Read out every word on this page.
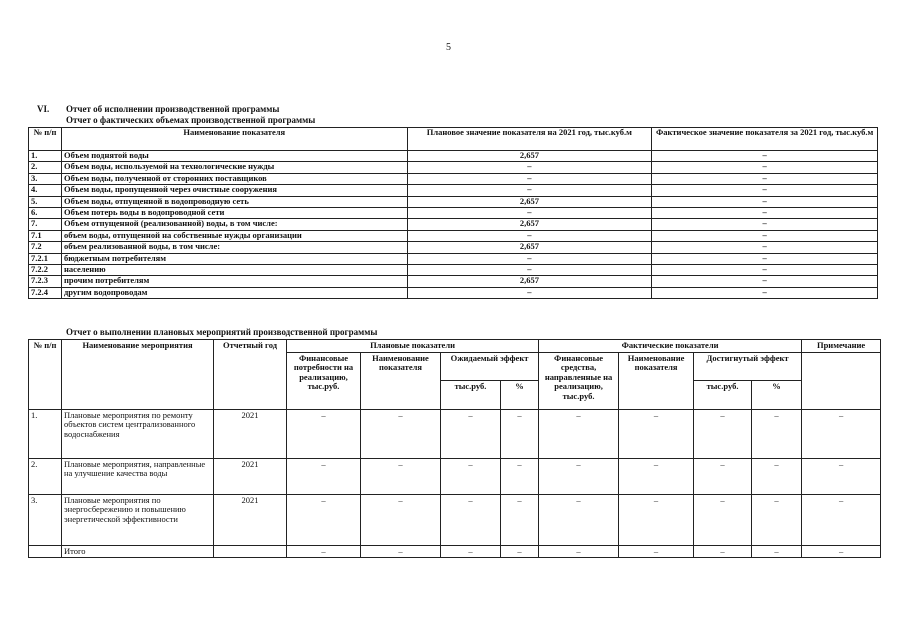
5
VI. Отчет об исполнении производственной программы
Отчет о фактических объемах производственной программы
№ п/п	Наименование показателя	Плановое значение показателя на 2021 год, тыс.куб.м	Фактическое значение показателя за 2021 год, тыс.куб.м
1.	Объем поднятой воды	2,657	–
2.	Объем воды, используемой на технологические нужды	–	–
3.	Объем воды, полученной от сторонних поставщиков	–	–
4.	Объем воды, пропущенной через очистные сооружения	–	–
5.	Объем воды, отпущенной в водопроводную сеть	2,657	–
6.	Объем потерь воды в водопроводной сети	–	–
7.	Объем отпущенной (реализованной) воды, в том числе:	2,657	–
7.1	объем воды, отпущенной на собственные нужды организации	–	–
7.2	объем реализованной воды, в том числе:	2,657	–
7.2.1	бюджетным потребителям	–	–
7.2.2	населению	–	–
7.2.3	прочим потребителям	2,657	–
7.2.4	другим водопроводам	–	–
Отчет о выполнении плановых мероприятий производственной программы
№ п/п	Наименование мероприятия	Отчетный год	Плановые показатели				Фактические показатели				Примечание
			Финансовые потребности на реализацию, тыс.руб.	Наименование показателя	Ожидаемый эффект		Финансовые средства, направленные на реализацию, тыс.руб.	Наименование показателя	Достигнутый эффект		
					тыс.руб.	%			тыс.руб.	%	
1.	Плановые мероприятия по ремонту объектов систем централизованного водоснабжения	2021	–	–	–	–	–	–	–	–	–
2.	Плановые мероприятия, направленные на улучшение качества воды	2021	–	–	–	–	–	–	–	–	–
3.	Плановые мероприятия по энергосбережению и повышению энергетической эффективности	2021	–	–	–	–	–	–	–	–	–
	Итого		–	–	–	–	–	–	–	–	–
